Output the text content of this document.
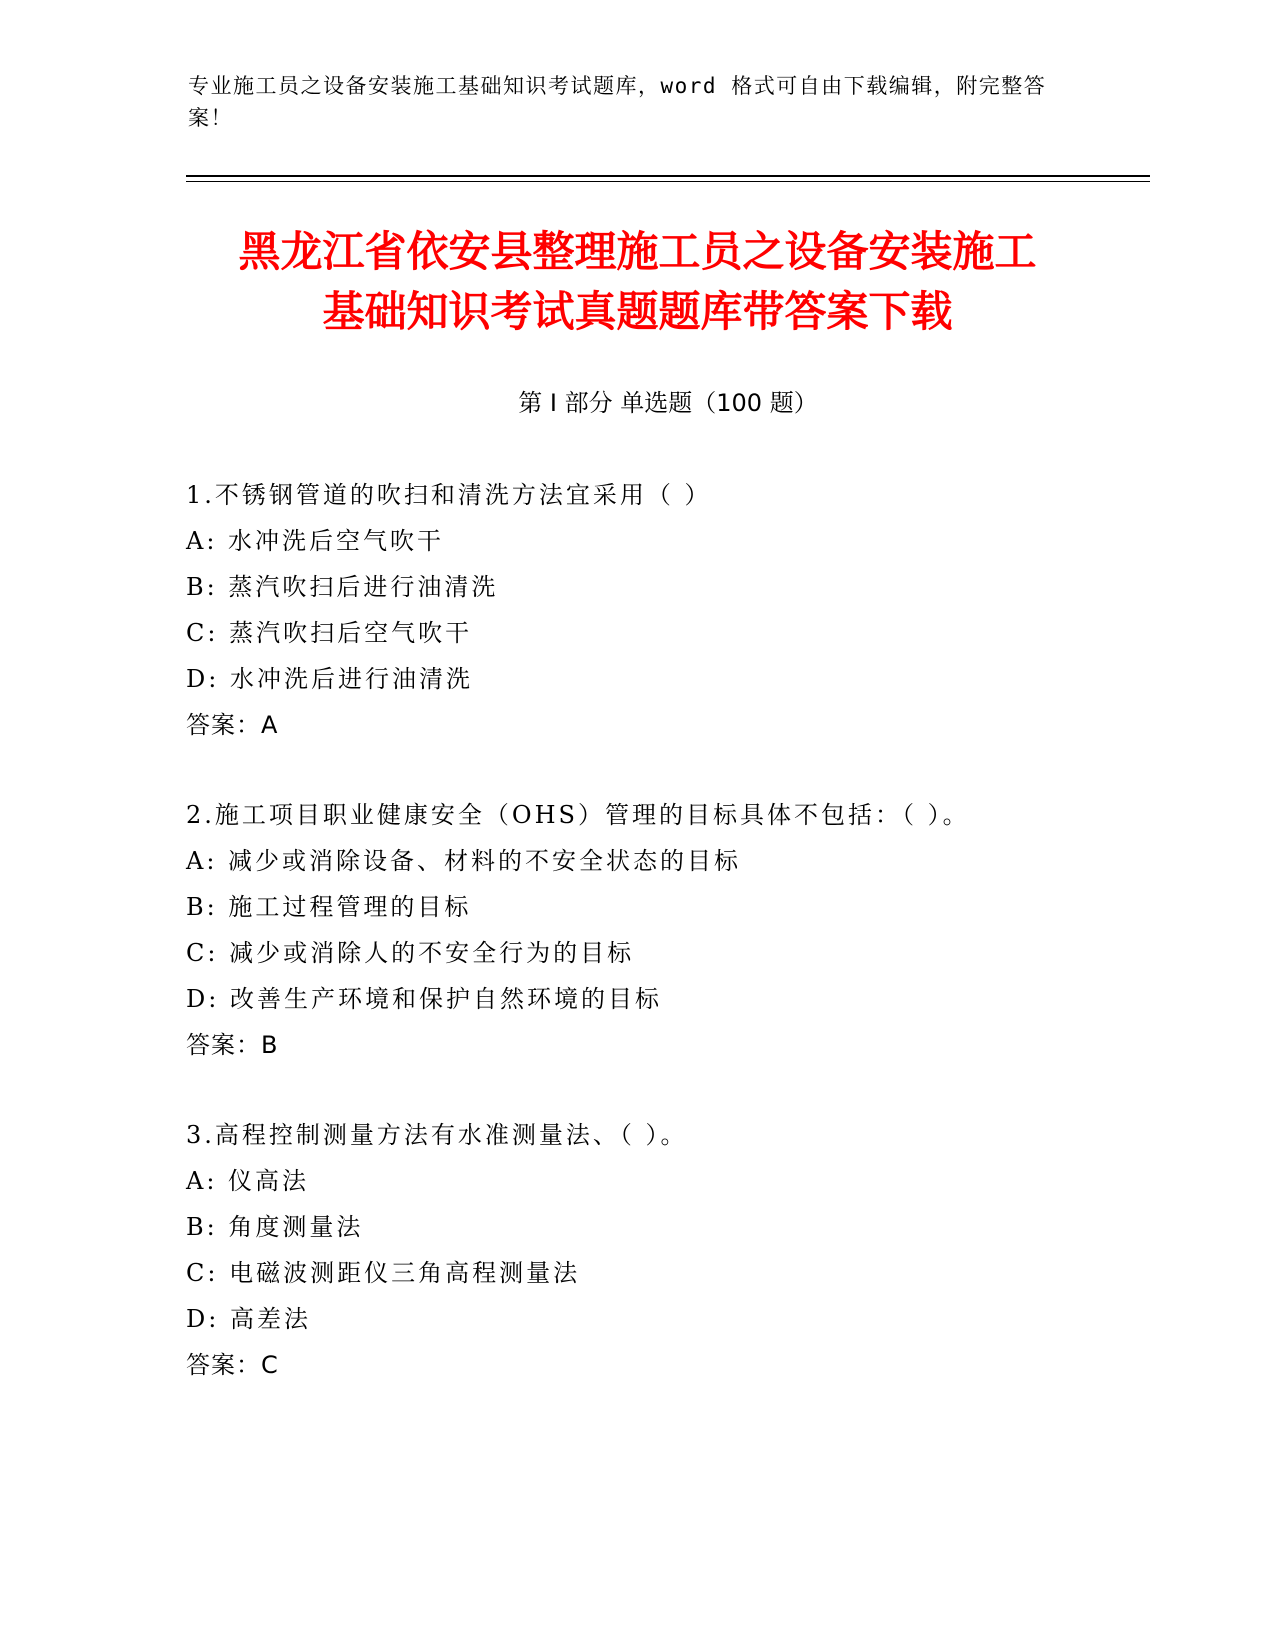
专业施工员之设备安装施工基础知识考试题库，word 格式可自由下载编辑，附完整答案！
黑龙江省依安县整理施工员之设备安装施工
基础知识考试真题题库带答案下载
第 I 部分 单选题（100 题）
1.不锈钢管道的吹扫和清洗方法宜采用（ ）
A: 水冲洗后空气吹干
B: 蒸汽吹扫后进行油清洗
C: 蒸汽吹扫后空气吹干
D: 水冲洗后进行油清洗
答案：A
2.施工项目职业健康安全（OHS）管理的目标具体不包括：（ ）。
A: 减少或消除设备、材料的不安全状态的目标
B: 施工过程管理的目标
C: 减少或消除人的不安全行为的目标
D: 改善生产环境和保护自然环境的目标
答案：B
3.高程控制测量方法有水准测量法、（ ）。
A: 仪高法
B: 角度测量法
C: 电磁波测距仪三角高程测量法
D: 高差法
答案：C
